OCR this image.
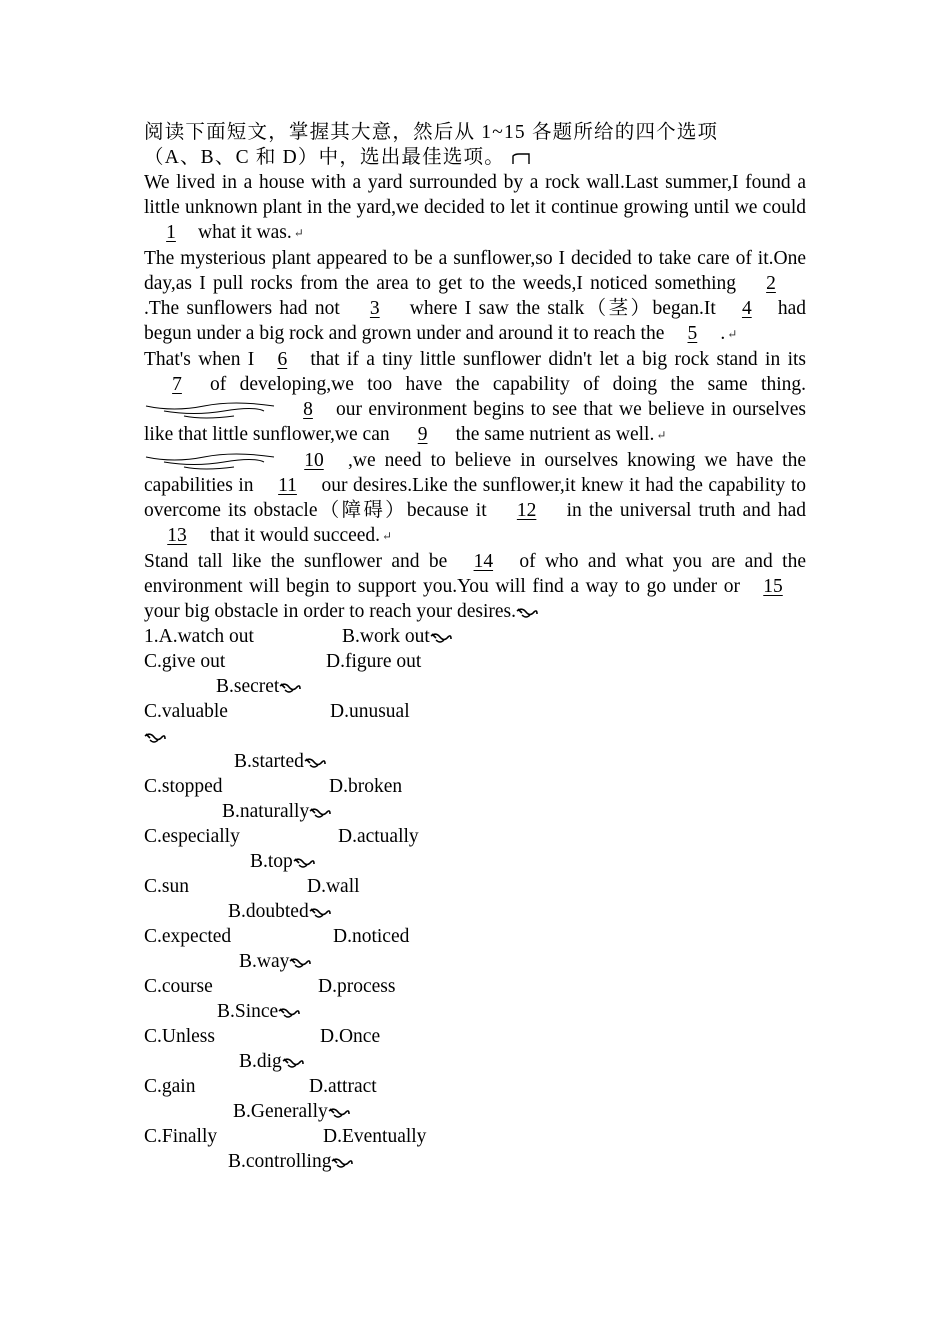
阅读下面短文，掌握其大意，然后从 1~15 各题所给的四个选项
（A、B、C 和 D）中，选出最佳选项。

We lived in a house with a yard surrounded by a rock wall.Last summer,I found a little unknown plant in the yard,we decided to let it continue growing until we could1 what it was. ↵

The mysterious plant appeared to be a sunflower,so I decided to take care of it.One day,as I pull rocks from the area to get to the weeds,I noticed something 2.The sunflowers had not 3 where I saw the stalk（茎）began.It 4 had begun under a big rock and grown under and around it to reach the 5 . ↵

That's when I 6 that if a tiny little sunflower didn't let a big rock stand in its7 of developing,we too have the capability of doing the same thing.8 our environment begins to see that we believe in ourselves like that little sunflower,we can 9 the same nutrient as well. ↵

10 ,we need to believe in ourselves knowing we have the capabilities in 11 our desires.Like the sunflower,it knew it had the capability to overcome its obstacle（障碍）because it 12 in the universal truth and had13 that it would succeed. ↵

Stand tall like the sunflower and be 14 of who and what you are and the environment will begin to support you.You will find a way to go under or 15your big obstacle in order to reach your desires.

1.A.watch out	B.work out

C.give out	D.figure out

B.secret

C.valuable	D.unusual

B.started

C.stopped	D.broken

B.naturally

C.especially	D.actually

B.top

C.sun	D.wall

B.doubted

C.expected	D.noticed

B.way

C.course	D.process

B.Since

C.Unless	D.Once

B.dig

C.gain	D.attract

B.Generally

C.Finally	D.Eventually

B.controlling
